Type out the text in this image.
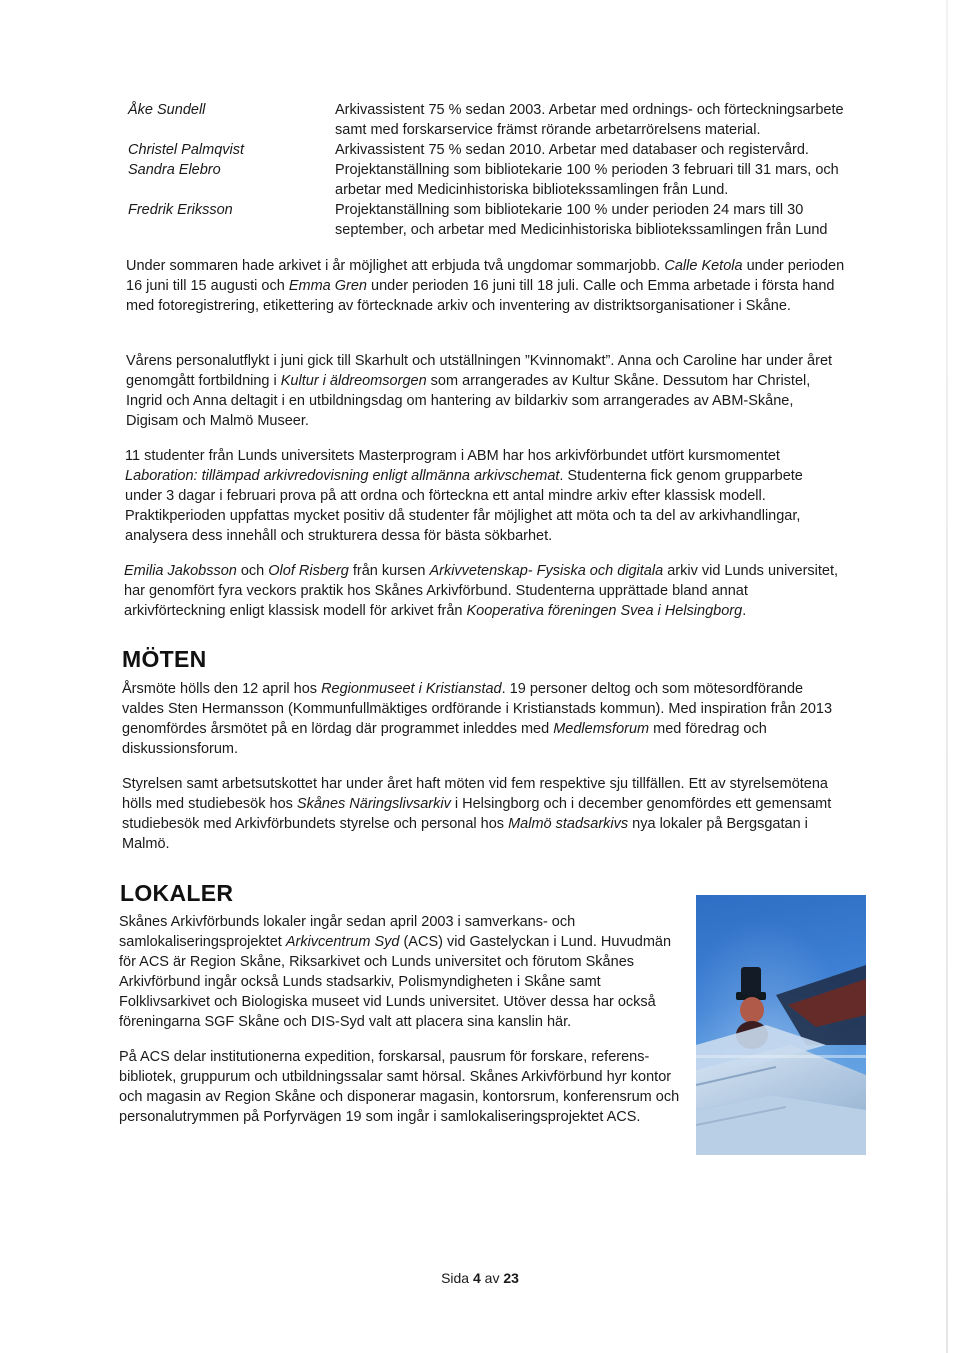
Åke Sundell	Arkivassistent 75 % sedan 2003. Arbetar med ordnings- och förteckningsarbete
samt med forskarservice främst rörande arbetarrörelsens material.
Christel Palmqvist	Arkivassistent 75 % sedan 2010. Arbetar med databaser och registervård.
Sandra Elebro	Projektanställning som bibliotekarie 100 % perioden 3 februari till 31 mars, och
arbetar med Medicinhistoriska bibliotekssamlingen från Lund.
Fredrik Eriksson	Projektanställning som bibliotekarie 100 % under perioden 24 mars till 30
september, och arbetar med Medicinhistoriska bibliotekssamlingen från Lund

Under sommaren hade arkivet i år möjlighet att erbjuda två ungdomar sommarjobb. Calle Ketola under perioden 16 juni till 15 augusti och Emma Gren under perioden 16 juni till 18 juli. Calle och Emma arbetade i första hand med fotoregistrering, etikettering av förtecknade arkiv och inventering av distriktsorganisationer i Skåne.

Vårens personalutflykt i juni gick till Skarhult och utställningen ”Kvinnomakt”. Anna och Caroline har under året genomgått fortbildning i Kultur i äldreomsorgen som arrangerades av Kultur Skåne. Dessutom har Christel, Ingrid och Anna deltagit i en utbildningsdag om hantering av bildarkiv som arrangerades av ABM-Skåne, Digisam och Malmö Museer.

11 studenter från Lunds universitets Masterprogram i ABM har hos arkivförbundet utfört kursmomentet Laboration: tillämpad arkivredovisning enligt allmänna arkivschemat. Studenterna fick genom grupparbete under 3 dagar i februari prova på att ordna och förteckna ett antal mindre arkiv efter klassisk modell. Praktikperioden uppfattas mycket positiv då studenter får möjlighet att möta och ta del av arkivhandlingar, analysera dess innehåll och strukturera dessa för bästa sökbarhet.

Emilia Jakobsson och Olof Risberg från kursen Arkivvetenskap- Fysiska och digitala arkiv vid Lunds universitet, har genomfört fyra veckors praktik hos Skånes Arkivförbund. Studenterna upprättade bland annat arkivförteckning enligt klassisk modell för arkivet från Kooperativa föreningen Svea i Helsingborg.

MÖTEN

Årsmöte hölls den 12 april hos Regionmuseet i Kristianstad. 19 personer deltog och som mötesordförande valdes Sten Hermansson (Kommunfullmäktiges ordförande i Kristianstads kommun). Med inspiration från 2013 genomfördes årsmötet på en lördag där programmet inleddes med Medlemsforum med föredrag och diskussionsforum.

Styrelsen samt arbetsutskottet har under året haft möten vid fem respektive sju tillfällen. Ett av styrelsemötena hölls med studiebesök hos Skånes Näringslivsarkiv i Helsingborg och i december genomfördes ett gemensamt studiebesök med Arkivförbundets styrelse och personal hos Malmö stadsarkivs nya lokaler på Bergsgatan i Malmö.

LOKALER

Skånes Arkivförbunds lokaler ingår sedan april 2003 i samverkans- och samlokaliseringsprojektet Arkivcentrum Syd (ACS) vid Gastelyckan i Lund. Huvudmän för ACS är Region Skåne, Riksarkivet och Lunds universitet och förutom Skånes Arkivförbund ingår också Lunds stadsarkiv, Polismyndigheten i Skåne samt Folklivsarkivet och Biologiska museet vid Lunds universitet. Utöver dessa har också föreningarna SGF Skåne och DIS-Syd valt att placera sina kanslin här.

På ACS delar institutionerna expedition, forskarsal, pausrum för forskare, referens-bibliotek, gruppurum och utbildningssalar samt hörsal. Skånes Arkivförbund hyr kontor och magasin av Region Skåne och disponerar magasin, kontorsrum, konferensrum och personalutrymmen på Porfyrvägen 19 som ingår i samlokaliseringsprojektet ACS.

Sida 4 av 23
